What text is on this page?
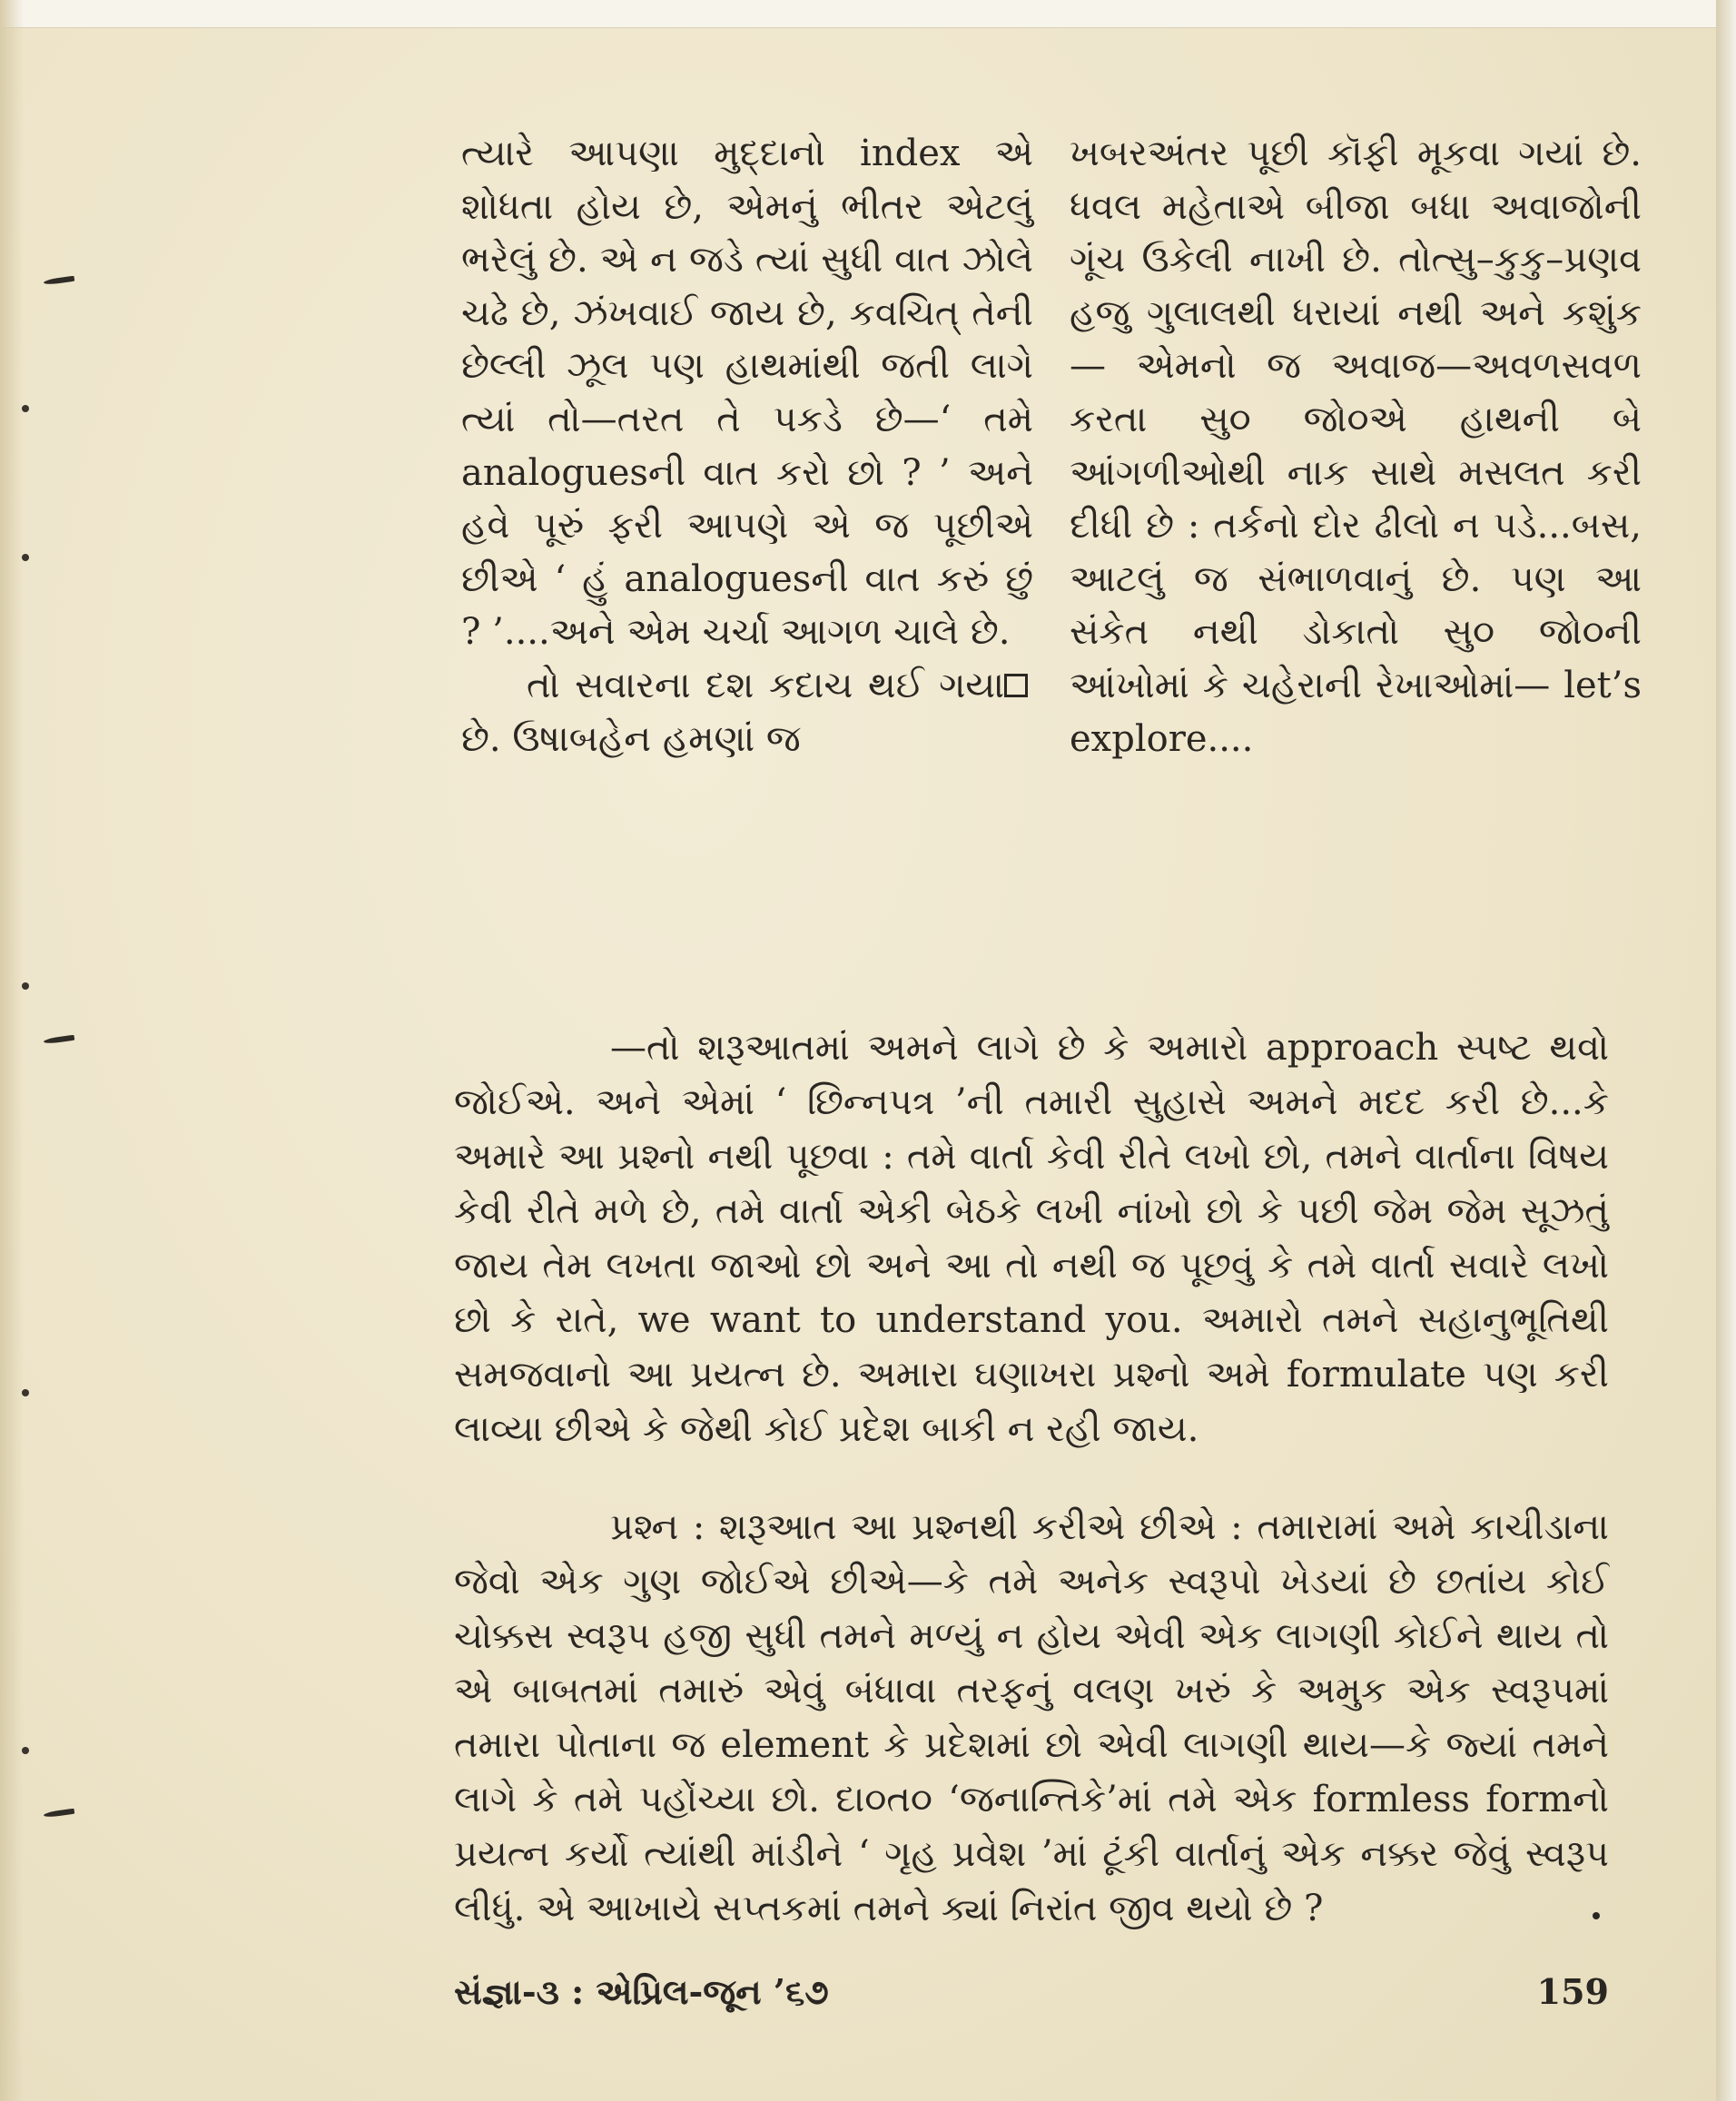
ત્યારે આપણા મુદ્દાનો index એ શોધતા હોય છે, એમનું ભીતર એટલું ભરેલું છે. એ ન જડે ત્યાં સુધી વાત ઝોલે ચઢે છે, ઝંખવાઈ જાય છે, કવચિત્ તેની છેલ્લી ઝૂલ પણ હાથમાંથી જતી લાગે ત્યાં તો—તરત તે પકડે છે—‘ તમે analoguesની વાત કરો છો ? ’ અને હવે પૂરું ફરી આપણે એ જ પૂછીએ છીએ ‘ હું analoguesની વાત કરું છું ? ’....અને એમ ચર્ચા આગળ ચાલે છે.

તો સવારના દશ કદાચ થઈ ગયા છે. ઉષાબહેન હમણાં જ

ખબરઅંતર પૂછી કૉફી મૂકવા ગયાં છે. ધવલ મહેતાએ બીજા બધા અવાજોની ગૂંચ ઉકેલી નાખી છે. તોત્સુ–કુકુ–પ્રણવ હજુ ગુલાલથી ધરાયાં નથી અને કશુંક— એમનો જ અવાજ—અવળસવળ કરતા સુ૦ જો૦એ હાથની બે આંગળીઓથી નાક સાથે મસલત કરી દીધી છે : તર્કનો દોર ઢીલો ન પડે...બસ, આટલું જ સંભાળવાનું છે. પણ આ સંકેત નથી ડોકાતો સુ૦ જો૦ની આંખોમાં કે ચહેરાની રેખાઓમાં— let’s explore....

—તો શરૂઆતમાં અમને લાગે છે કે અમારો approach સ્પષ્ટ થવો જોઈએ. અને એમાં ‘ છિન્નપત્ર ’ની તમારી સુહાસે અમને મદદ કરી છે...કે અમારે આ પ્રશ્નો નથી પૂછવા : તમે વાર્તા કેવી રીતે લખો છો, તમને વાર્તાના વિષય કેવી રીતે મળે છે, તમે વાર્તા એકી બેઠકે લખી નાંખો છો કે પછી જેમ જેમ સૂઝતું જાય તેમ લખતા જાઓ છો અને આ તો નથી જ પૂછવું કે તમે વાર્તા સવારે લખો છો કે રાતે, we want to understand you. અમારો તમને સહાનુભૂતિથી સમજવાનો આ પ્રયત્ન છે. અમારા ઘણાખરા પ્રશ્નો અમે formulate પણ કરી લાવ્યા છીએ કે જેથી કોઈ પ્રદેશ બાકી ન રહી જાય.

પ્રશ્ન : શરૂઆત આ પ્રશ્નથી કરીએ છીએ : તમારામાં અમે કાચીડાના જેવો એક ગુણ જોઈએ છીએ—કે તમે અનેક સ્વરૂપો ખેડયાં છે છતાંય કોઈ ચોક્કસ સ્વરૂપ હજી સુધી તમને મળ્યું ન હોય એવી એક લાગણી કોઈને થાય તો એ બાબતમાં તમારું એવું બંધાવા તરફનું વલણ ખરું કે અમુક એક સ્વરૂપમાં તમારા પોતાના જ element કે પ્રદેશમાં છો એવી લાગણી થાય—કે જ્યાં તમને લાગે કે તમે પહોંચ્યા છો. દા૦ત૦ ‘જનાન્તિકે’માં તમે એક formless formનો પ્રયત્ન કર્યો ત્યાંથી માંડીને ‘ ગૃહ પ્રવેશ ’માં ટૂંકી વાર્તાનું એક નક્કર જેવું સ્વરૂપ લીધું. એ આખાયે સપ્તકમાં તમને ક્યાં નિરાંત જીવ થયો છે ?

સંજ્ઞા-૩ : એપ્રિલ-જૂન ’૬૭	159
